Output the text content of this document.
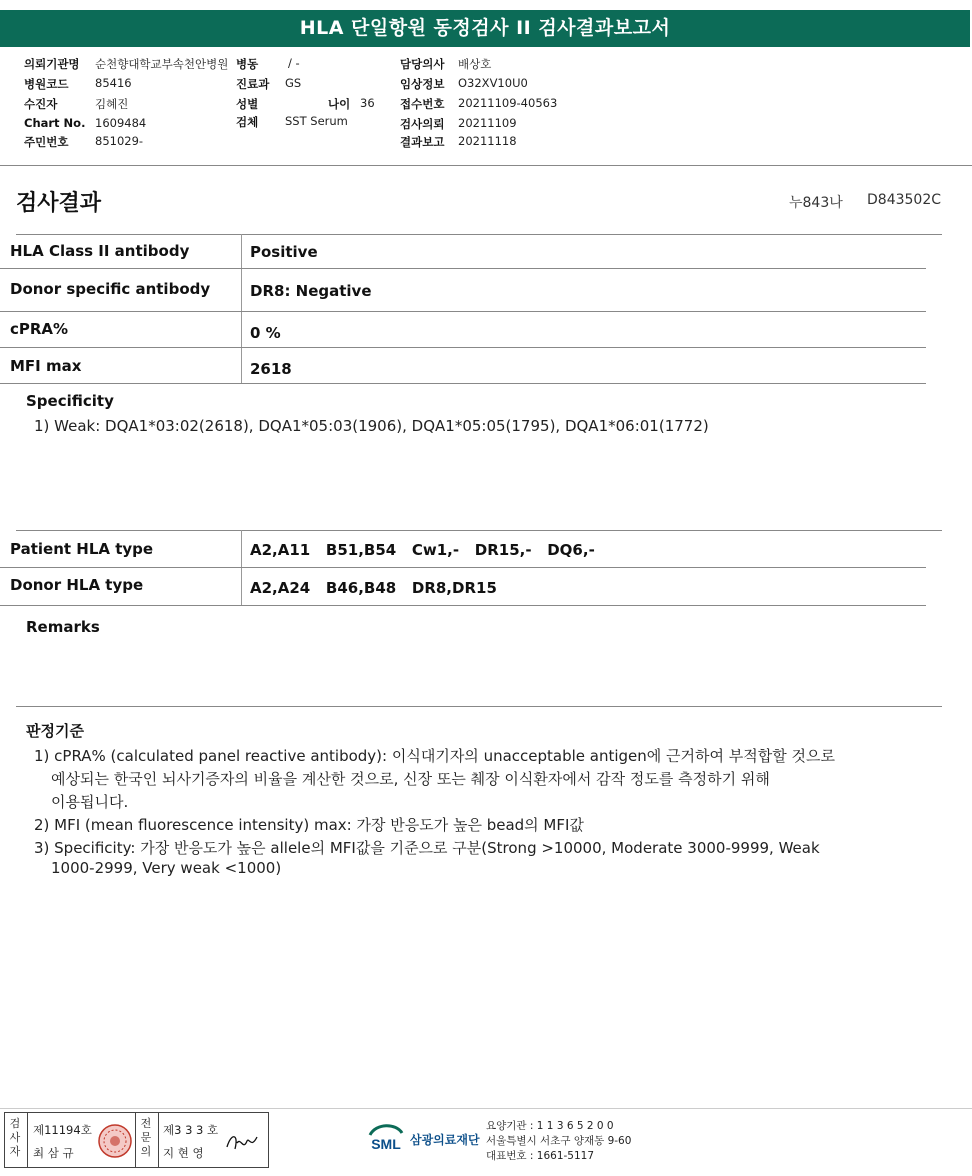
HLA 단일항원 동정검사 II 검사결과보고서
의뢰기관명 순천향대학교부속천안병원
병원코드 85416
수진자	김혜진
Chart No. 1609484
주민번호 851029-
병동	/ -
진료과 GS
성별	나이 36
검체 SST Serum
담당의사 배상호
임상정보 O32XV10U0
접수번호 20211109-40563
검사의뢰 20211109
결과보고 20211118
검사결과	누843나 D843502C
HLA Class II antibody	Positive
Donor specific antibody	DR8: Negative
cPRA%	0 %
MFI max	2618
Specificity
1) Weak: DQA1*03:02(2618), DQA1*05:03(1906), DQA1*05:05(1795), DQA1*06:01(1772)
Patient HLA type	A2,A11   B51,B54   Cw1,-   DR15,-   DQ6,-
Donor HLA type	A2,A24   B46,B48   DR8,DR15
Remarks
판정기준
1) cPRA% (calculated panel reactive antibody): 이식대기자의 unacceptable antigen에 근거하여 부적합할 것으로
예상되는 한국인 뇌사기증자의 비율을 계산한 것으로, 신장 또는 췌장 이식환자에서 감작 정도를 측정하기 위해
이용됩니다.
2) MFI (mean fluorescence intensity) max: 가장 반응도가 높은 bead의 MFI값
3) Specificity: 가장 반응도가 높은 allele의 MFI값을 기준으로 구분(Strong >10000, Moderate 3000-9999, Weak
1000-2999, Very weak <1000)
검
사
자
제11194호
최 삼 규
전
문
의
제3 3 3 호
지 현 영
SML 삼광의료재단
요양기관 : 1 1 3 6 5 2 0 0
서울특별시 서초구 양재동 9-60
대표번호 : 1661-5117
